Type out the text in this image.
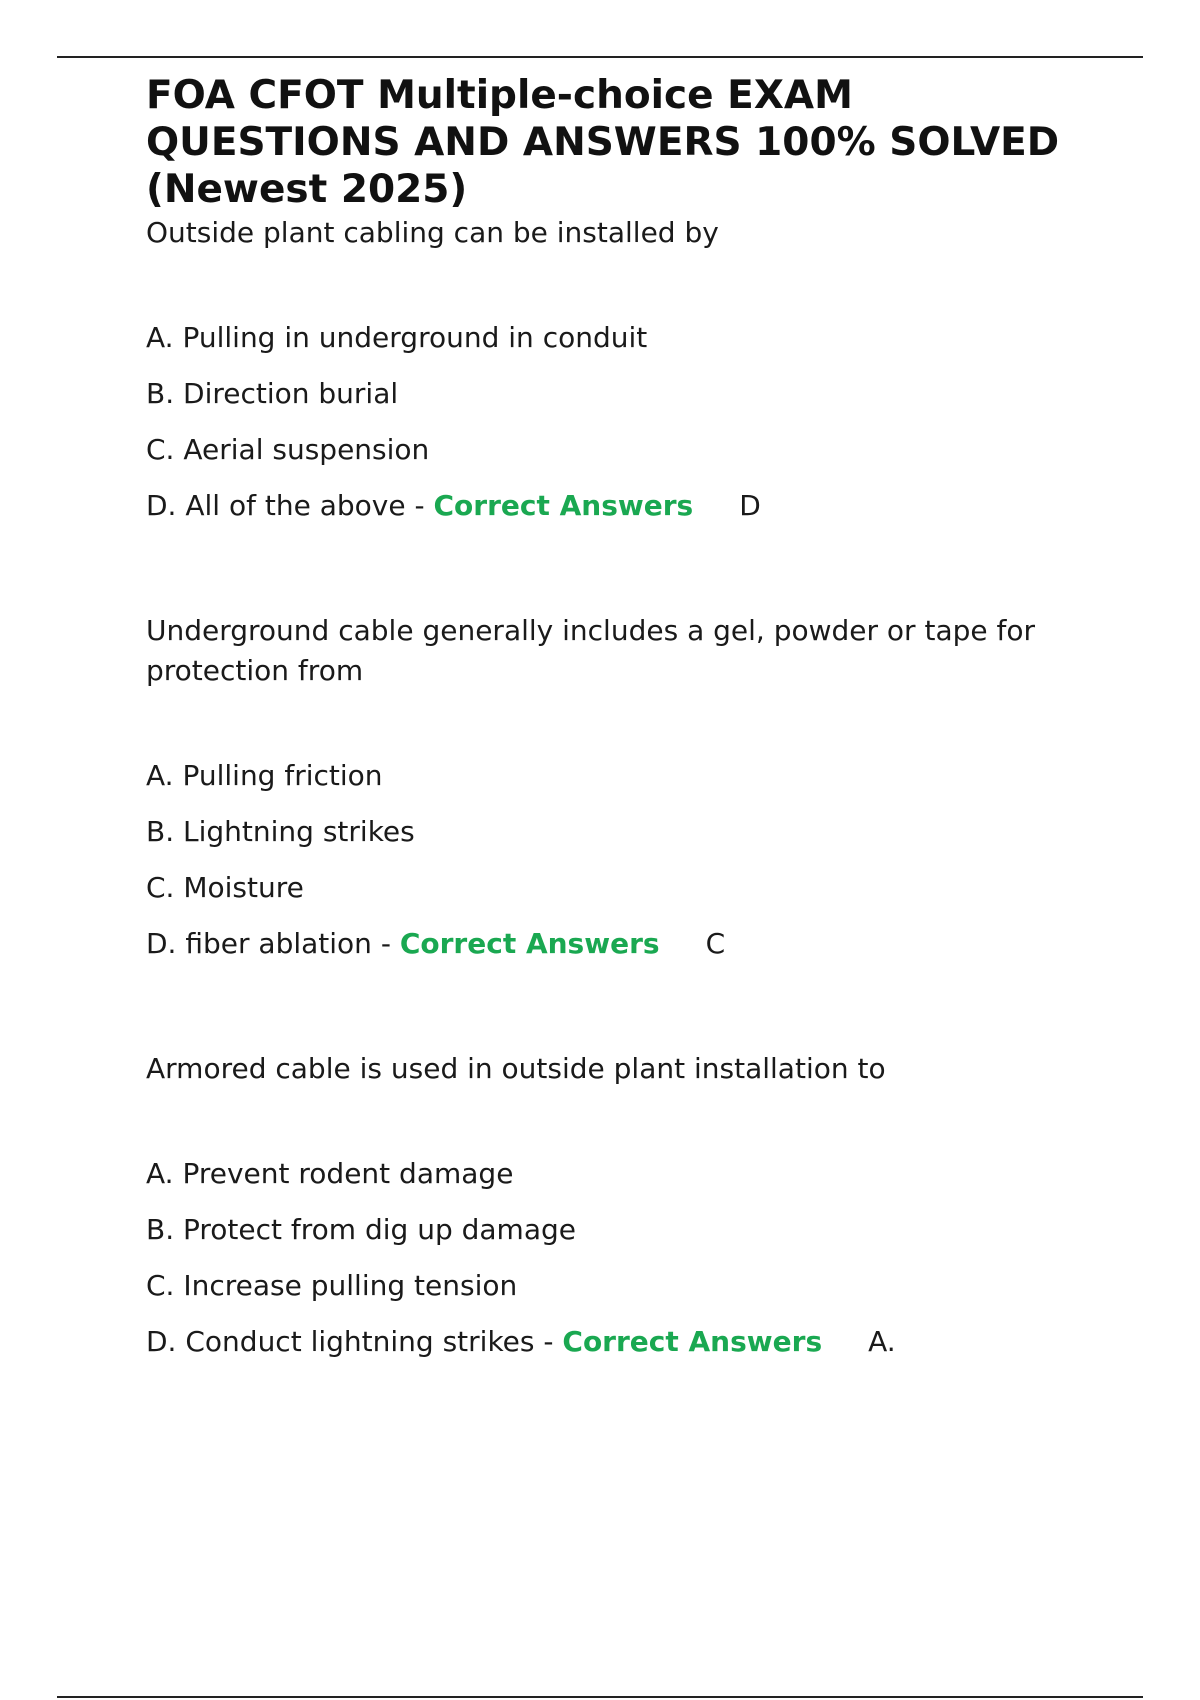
FOA CFOT Multiple-choice EXAM QUESTIONS AND ANSWERS 100% SOLVED (Newest 2025)

Outside plant cabling can be installed by

A. Pulling in underground in conduit
B. Direction burial
C. Aerial suspension
D. All of the above - Correct Answers D

Underground cable generally includes a gel, powder or tape for protection from

A. Pulling friction
B. Lightning strikes
C. Moisture
D. fiber ablation - Correct Answers C

Armored cable is used in outside plant installation to

A. Prevent rodent damage
B. Protect from dig up damage
C. Increase pulling tension
D. Conduct lightning strikes - Correct Answers A.
